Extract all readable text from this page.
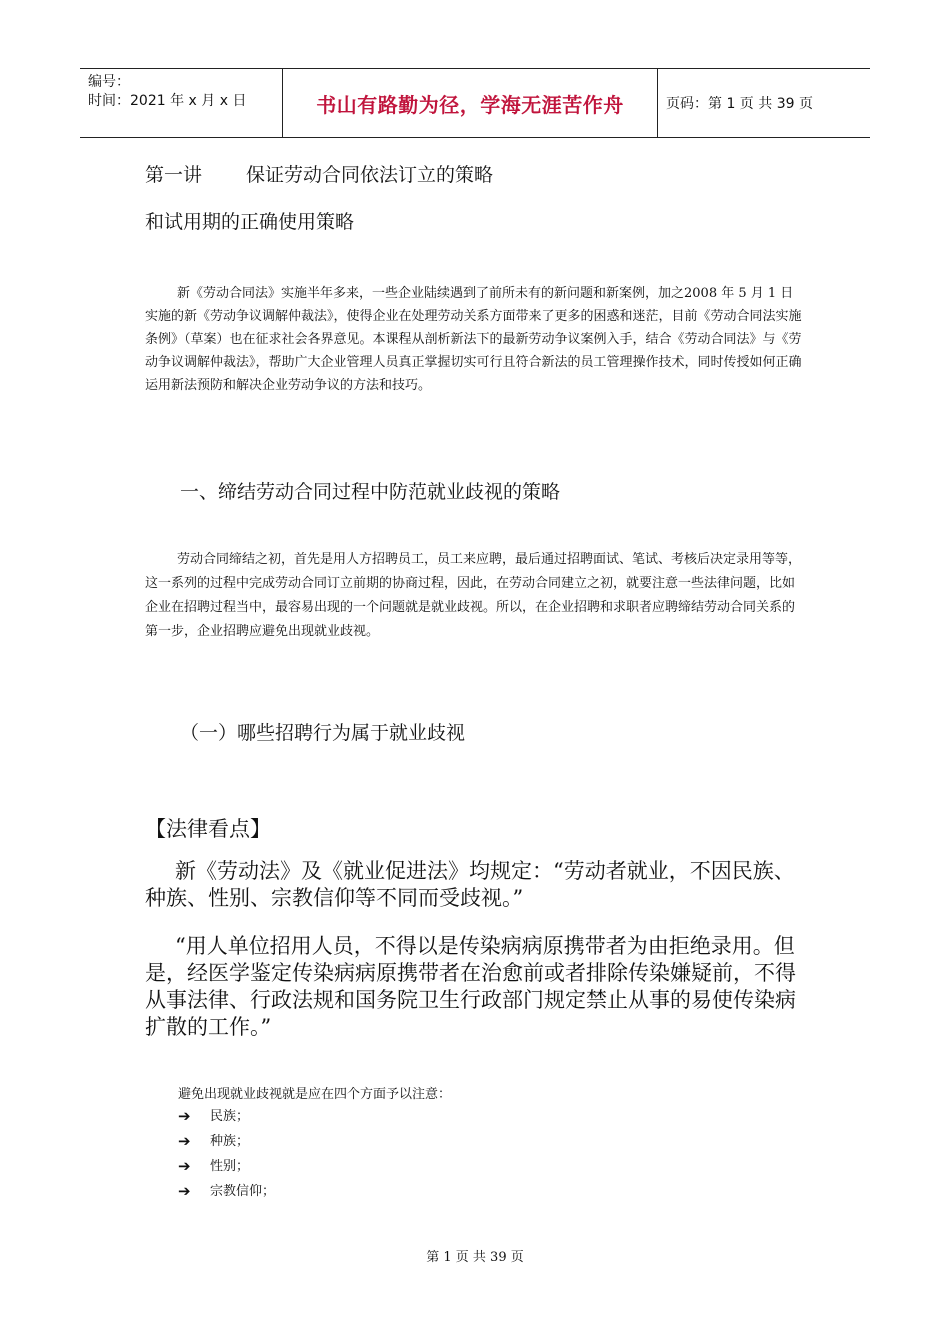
编号：
时间：2021 年 x 月 x 日	书山有路勤为径，学海无涯苦作舟	页码：第 1 页 共 39 页
第一讲 保证劳动合同依法订立的策略
和试用期的正确使用策略

新《劳动合同法》实施半年多来，一些企业陆续遇到了前所未有的新问题和新案例，加之2008 年 5 月 1 日实施的新《劳动争议调解仲裁法》，使得企业在处理劳动关系方面带来了更多的困惑和迷茫，目前《劳动合同法实施条例》（草案）也在征求社会各界意见。本课程从剖析新法下的最新劳动争议案例入手，结合《劳动合同法》与《劳动争议调解仲裁法》，帮助广大企业管理人员真正掌握切实可行且符合新法的员工管理操作技术，同时传授如何正确运用新法预防和解决企业劳动争议的方法和技巧。

一、缔结劳动合同过程中防范就业歧视的策略

劳动合同缔结之初，首先是用人方招聘员工，员工来应聘，最后通过招聘面试、笔试、考核后决定录用等等，这一系列的过程中完成劳动合同订立前期的协商过程，因此，在劳动合同建立之初，就要注意一些法律问题，比如企业在招聘过程当中，最容易出现的一个问题就是就业歧视。所以，在企业招聘和求职者应聘缔结劳动合同关系的第一步，企业招聘应避免出现就业歧视。

（一）哪些招聘行为属于就业歧视
【法律看点】

新《劳动法》及《就业促进法》均规定：“劳动者就业，不因民族、种族、性别、宗教信仰等不同而受歧视。”

“用人单位招用人员，不得以是传染病病原携带者为由拒绝录用。但是，经医学鉴定传染病病原携带者在治愈前或者排除传染嫌疑前，不得从事法律、行政法规和国务院卫生行政部门规定禁止从事的易使传染病扩散的工作。”

避免出现就业歧视就是应在四个方面予以注意：
➔	民族；
➔	种族；
➔	性别；
➔	宗教信仰；
第 1 页 共 39 页
